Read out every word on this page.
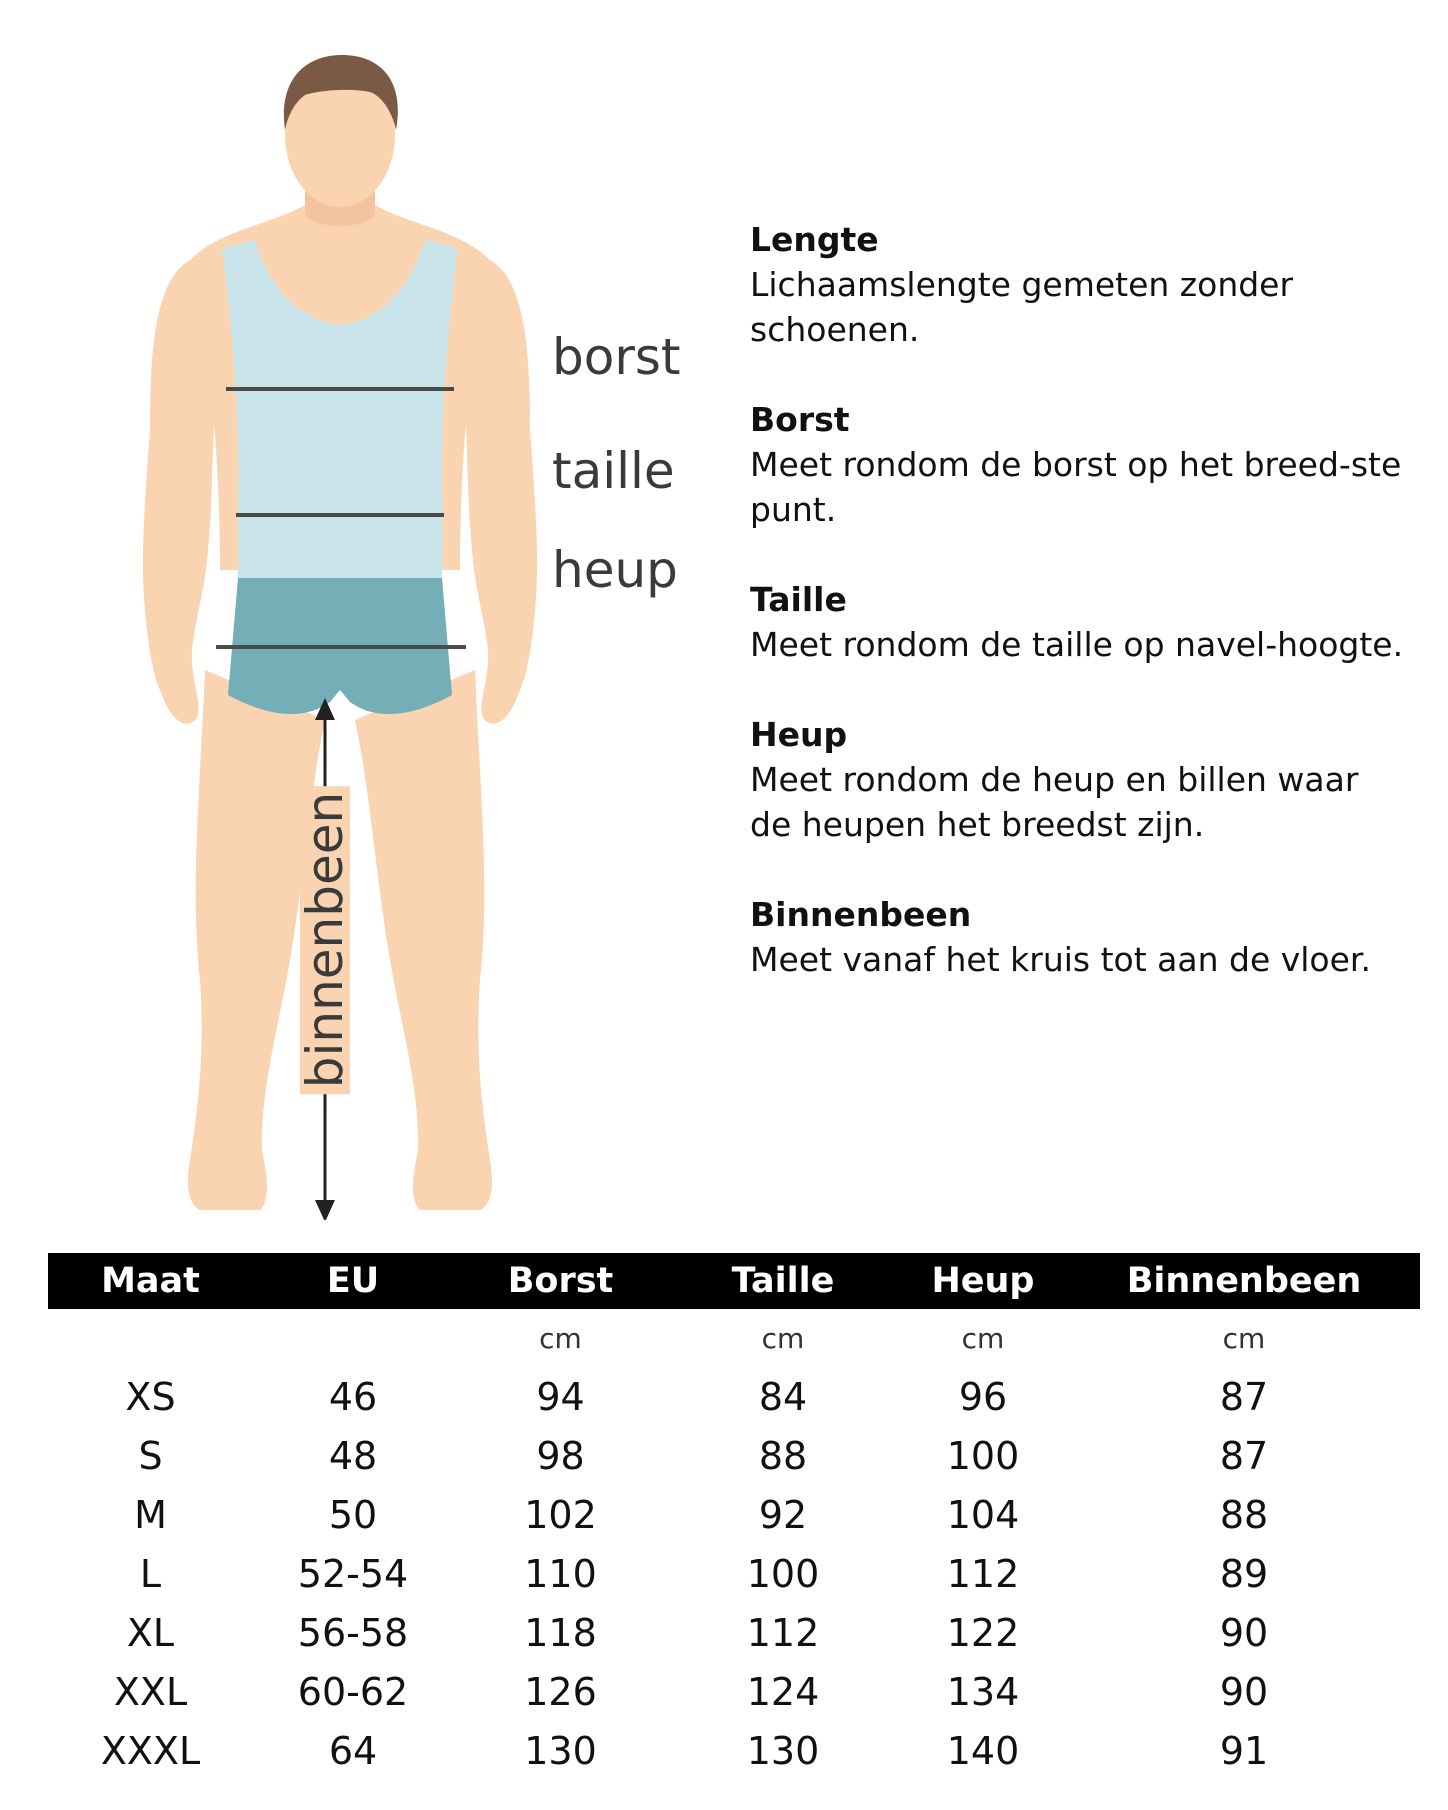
borst
taille
heup
binnenbeen
Lengte
Lichaamslengte gemeten zonder schoenen.
Borst
Meet rondom de borst op het breed-ste punt.
Taille
Meet rondom de taille op navel-hoogte.
Heup
Meet rondom de heup en billen waar de heupen het breedst zijn.
Binnenbeen
Meet vanaf het kruis tot aan de vloer.
Maat	EU	Borst	Taille	Heup	Binnenbeen
		cm	cm	cm	cm
XS	46	94	84	96	87
S	48	98	88	100	87
M	50	102	92	104	88
L	52-54	110	100	112	89
XL	56-58	118	112	122	90
XXL	60-62	126	124	134	90
XXXL	64	130	130	140	91
